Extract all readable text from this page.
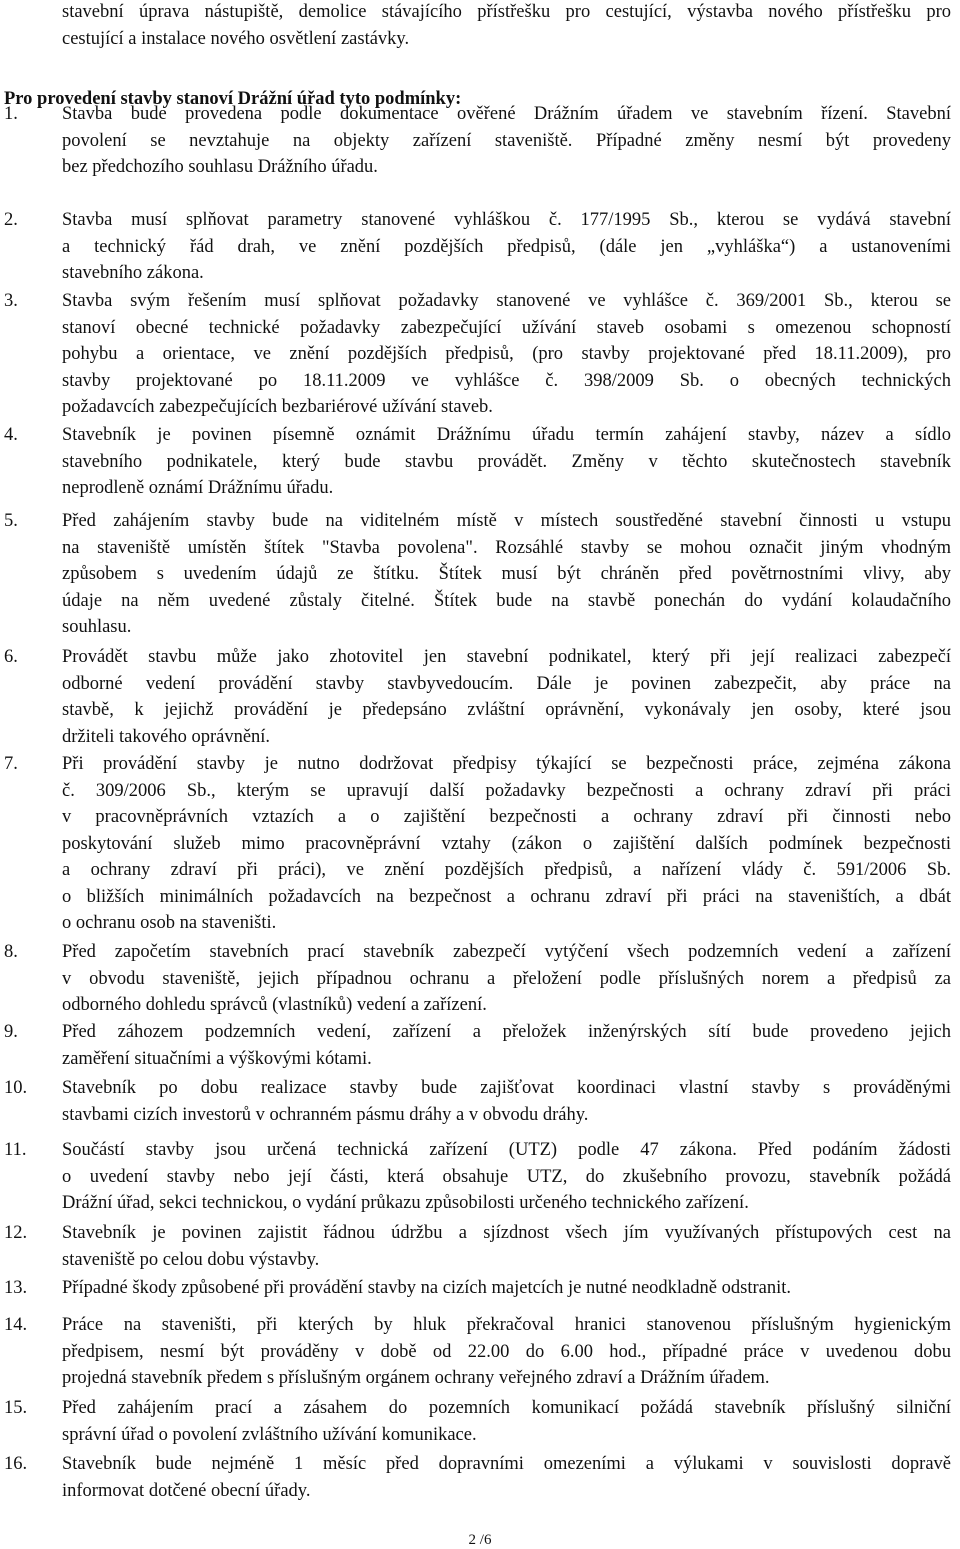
stavební úprava nástupiště, demolice stávajícího přístřešku pro cestující, výstavba nového přístřešku pro
cestující a instalace nového osvětlení zastávky.
Pro provedení stavby stanoví Drážní úřad tyto podmínky:
1. Stavba bude provedena podle dokumentace ověřené Drážním úřadem ve stavebním řízení. Stavební
povolení se nevztahuje na objekty zařízení staveniště. Případné změny nesmí být provedeny
bez předchozího souhlasu Drážního úřadu.
2. Stavba musí splňovat parametry stanovené vyhláškou č. 177/1995 Sb., kterou se vydává stavební
a technický řád drah, ve znění pozdějších předpisů, (dále jen „vyhláška“) a ustanoveními
stavebního zákona.
3. Stavba svým řešením musí splňovat požadavky stanovené ve vyhlášce č. 369/2001 Sb., kterou se
stanoví obecné technické požadavky zabezpečující užívání staveb osobami s omezenou schopností
pohybu a orientace, ve znění pozdějších předpisů, (pro stavby projektované před 18.11.2009), pro
stavby projektované po 18.11.2009 ve vyhlášce č. 398/2009 Sb. o obecných technických
požadavcích zabezpečujících bezbariérové užívání staveb.
4. Stavebník je povinen písemně oznámit Drážnímu úřadu termín zahájení stavby, název a sídlo
stavebního podnikatele, který bude stavbu provádět. Změny v těchto skutečnostech stavebník
neprodleně oznámí Drážnímu úřadu.
5. Před zahájením stavby bude na viditelném místě v místech soustředěné stavební činnosti u vstupu
na staveniště umístěn štítek "Stavba povolena". Rozsáhlé stavby se mohou označit jiným vhodným
způsobem s uvedením údajů ze štítku. Štítek musí být chráněn před povětrnostními vlivy, aby
údaje na něm uvedené zůstaly čitelné. Štítek bude na stavbě ponechán do vydání kolaudačního
souhlasu.
6. Provádět stavbu může jako zhotovitel jen stavební podnikatel, který při její realizaci zabezpečí
odborné vedení provádění stavby stavbyvedoucím. Dále je povinen zabezpečit, aby práce na
stavbě, k jejichž provádění je předepsáno zvláštní oprávnění, vykonávaly jen osoby, které jsou
držiteli takového oprávnění.
7. Při provádění stavby je nutno dodržovat předpisy týkající se bezpečnosti práce, zejména zákona
č. 309/2006 Sb., kterým se upravují další požadavky bezpečnosti a ochrany zdraví při práci
v pracovněprávních vztazích a o zajištění bezpečnosti a ochrany zdraví při činnosti nebo
poskytování služeb mimo pracovněprávní vztahy (zákon o zajištění dalších podmínek bezpečnosti
a ochrany zdraví při práci), ve znění pozdějších předpisů, a nařízení vlády č. 591/2006 Sb.
o bližších minimálních požadavcích na bezpečnost a ochranu zdraví při práci na staveništích, a dbát
o ochranu osob na staveništi.
8. Před započetím stavebních prací stavebník zabezpečí vytýčení všech podzemních vedení a zařízení
v obvodu staveniště, jejich případnou ochranu a přeložení podle příslušných norem a předpisů za
odborného dohledu správců (vlastníků) vedení a zařízení.
9. Před záhozem podzemních vedení, zařízení a přeložek inženýrských sítí bude provedeno jejich
zaměření situačními a výškovými kótami.
10. Stavebník po dobu realizace stavby bude zajišťovat koordinaci vlastní stavby s prováděnými
stavbami cizích investorů v ochranném pásmu dráhy a v obvodu dráhy.
11. Součástí stavby jsou určená technická zařízení (UTZ) podle 47 zákona. Před podáním žádosti
o uvedení stavby nebo její části, která obsahuje UTZ, do zkušebního provozu, stavebník požádá
Drážní úřad, sekci technickou, o vydání průkazu způsobilosti určeného technického zařízení.
12. Stavebník je povinen zajistit řádnou údržbu a sjízdnost všech jím využívaných přístupových cest na
staveniště po celou dobu výstavby.
13. Případné škody způsobené při provádění stavby na cizích majetcích je nutné neodkladně odstranit.
14. Práce na staveništi, při kterých by hluk překračoval hranici stanovenou příslušným hygienickým
předpisem, nesmí být prováděny v době od 22.00 do 6.00 hod., případné práce v uvedenou dobu
projedná stavebník předem s příslušným orgánem ochrany veřejného zdraví a Drážním úřadem.
15. Před zahájením prací a zásahem do pozemních komunikací požádá stavebník příslušný silniční
správní úřad o povolení zvláštního užívání komunikace.
16. Stavebník bude nejméně 1 měsíc před dopravními omezeními a výlukami v souvislosti dopravě
informovat dotčené obecní úřady.
2 /6
